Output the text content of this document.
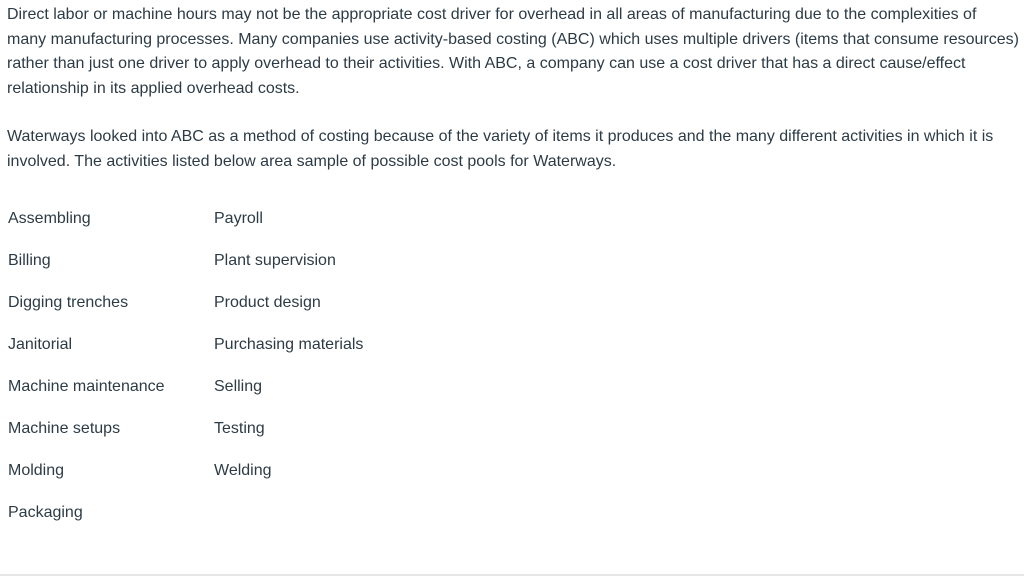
Direct labor or machine hours may not be the appropriate cost driver for overhead in all areas of manufacturing due to the complexities of many manufacturing processes. Many companies use activity-based costing (ABC) which uses multiple drivers (items that consume resources) rather than just one driver to apply overhead to their activities. With ABC, a company can use a cost driver that has a direct cause/effect relationship in its applied overhead costs.

Waterways looked into ABC as a method of costing because of the variety of items it produces and the many different activities in which it is involved. The activities listed below area sample of possible cost pools for Waterways.

Assembling	Payroll
Billing	Plant supervision
Digging trenches	Product design
Janitorial	Purchasing materials
Machine maintenance	Selling
Machine setups	Testing
Molding	Welding
Packaging	
